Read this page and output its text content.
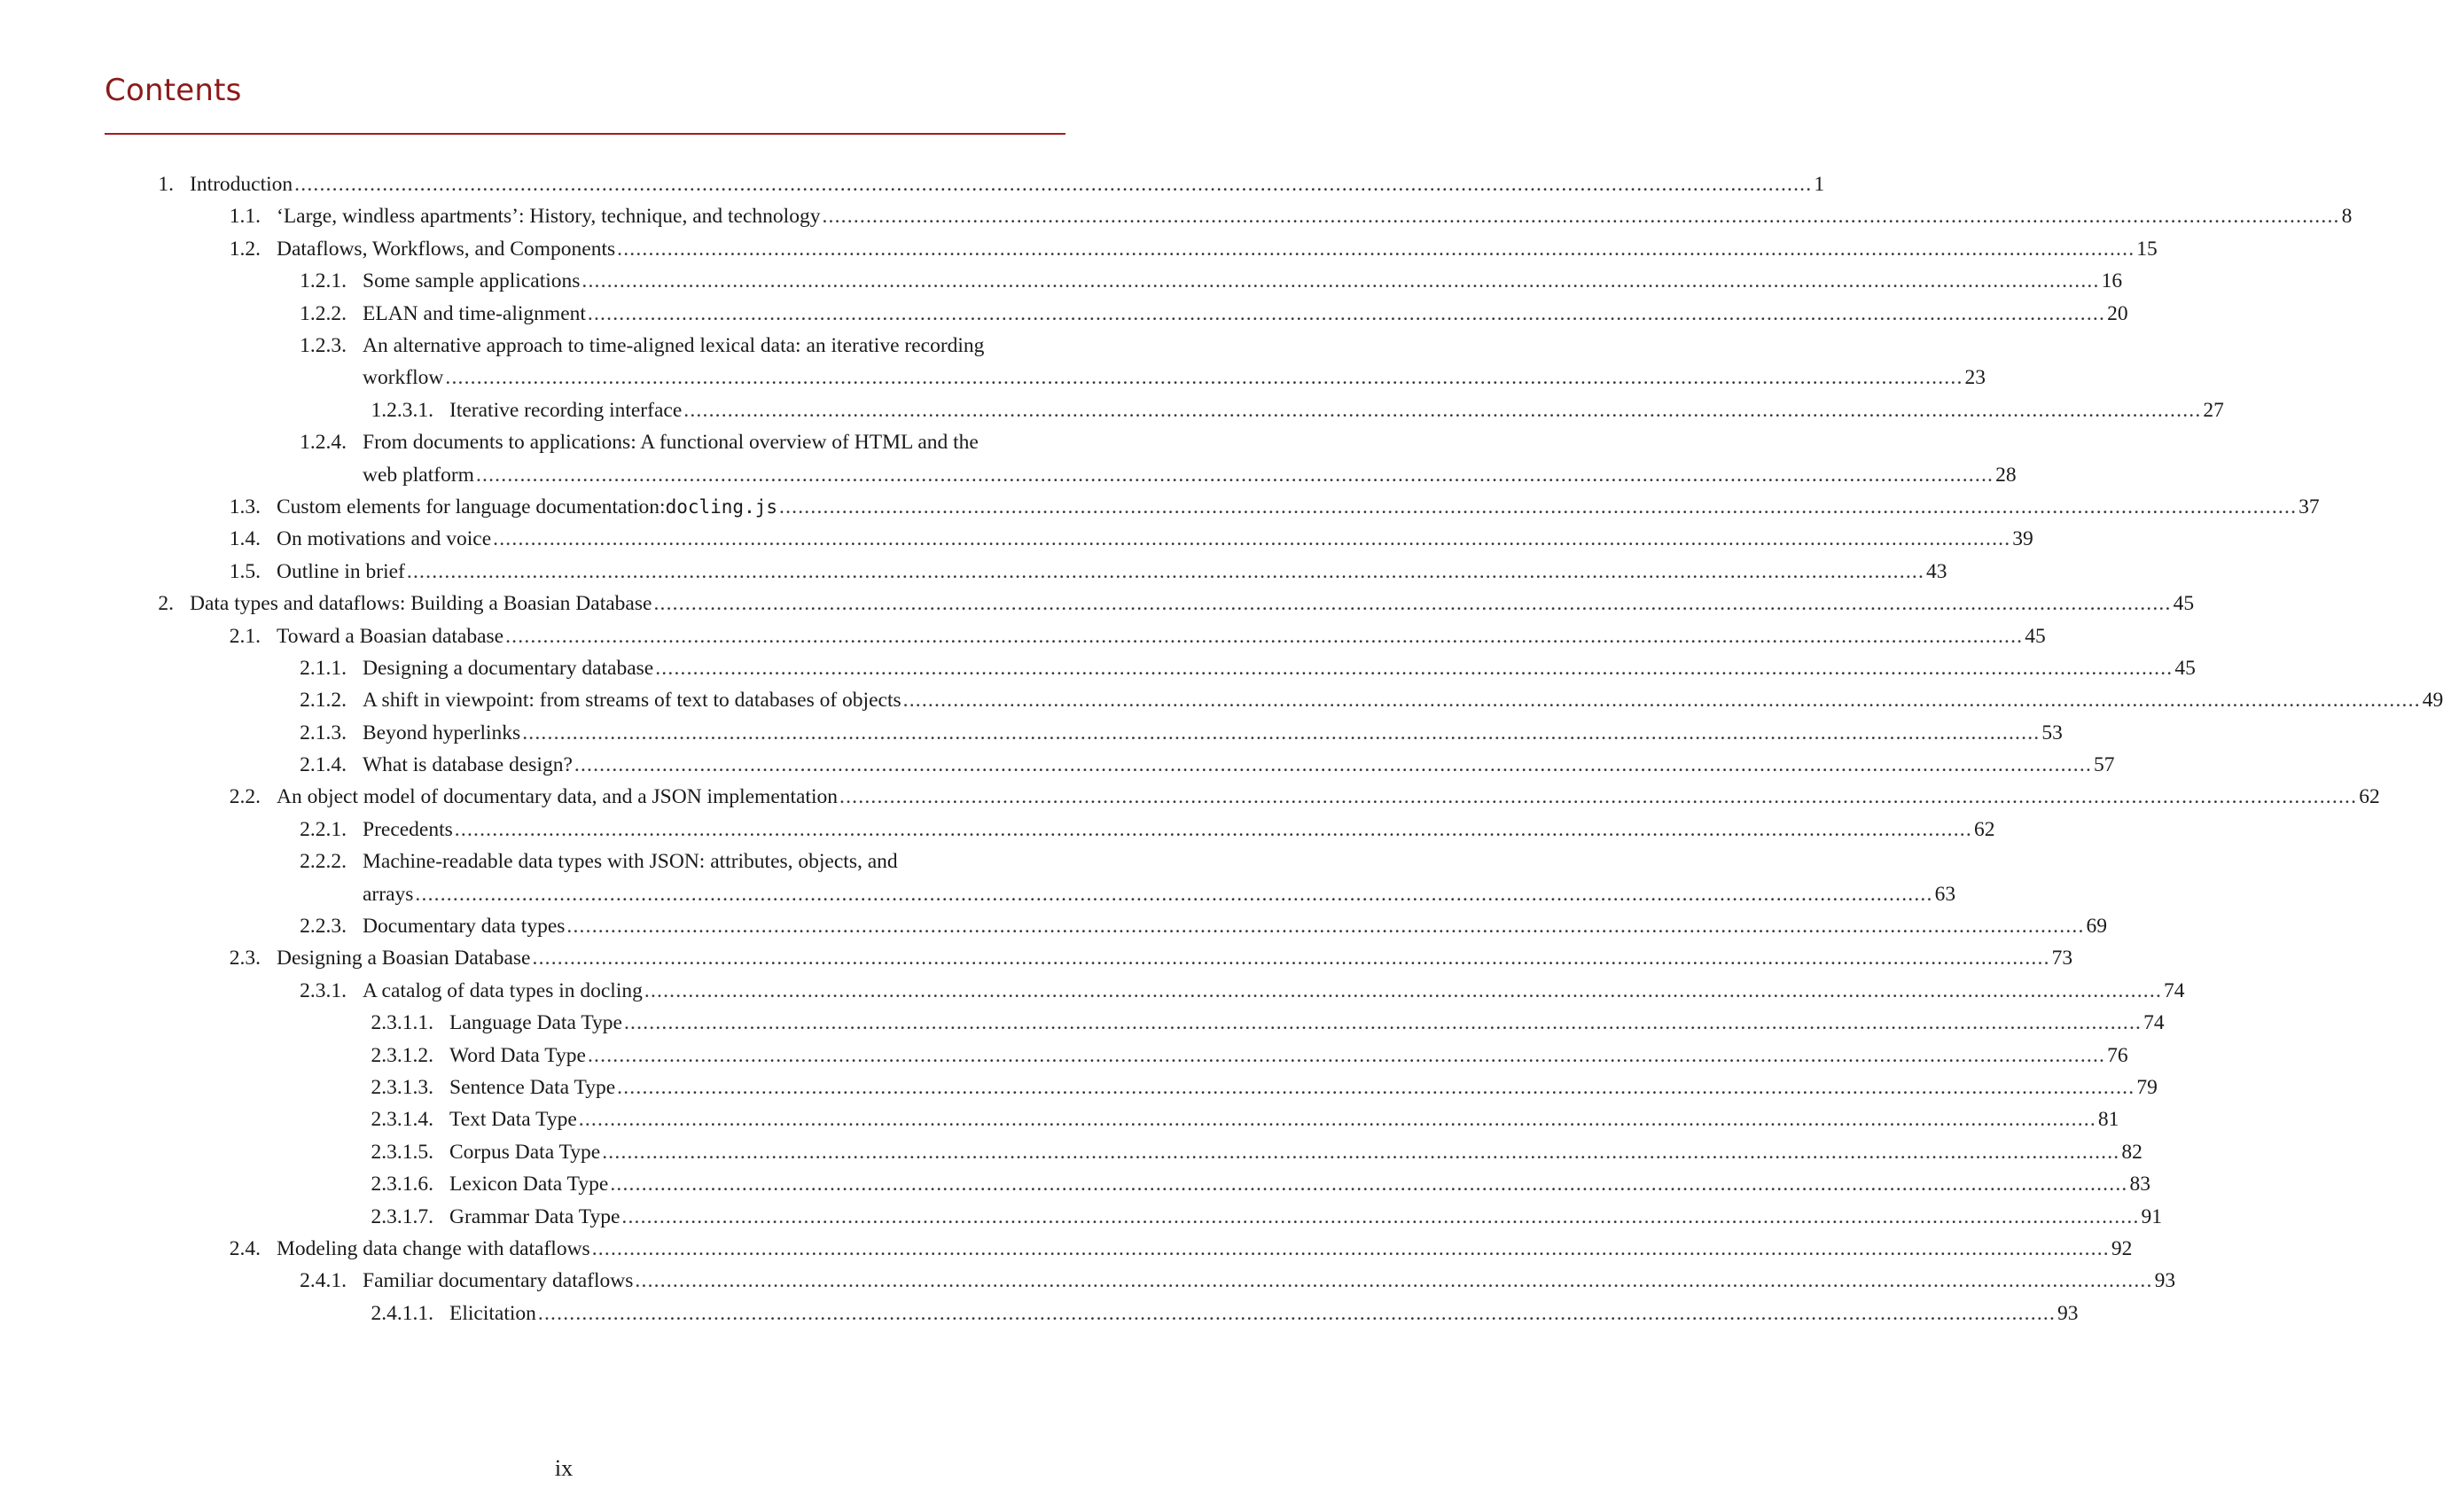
Contents
1. Introduction .....	1
1.1. ‘Large, windless apartments’: History, technique, and technology .....	8
1.2. Dataflows, Workflows, and Components .....	15
1.2.1. Some sample applications .....	16
1.2.2. ELAN and time-alignment .....	20
1.2.3. An alternative approach to time-aligned lexical data: an iterative recording
workflow .....	23
1.2.3.1. Iterative recording interface .....	27
1.2.4. From documents to applications: A functional overview of HTML and the
web platform .....	28
1.3. Custom elements for language documentation: docling.js .....	37
1.4. On motivations and voice .....	39
1.5. Outline in brief .....	43
2. Data types and dataflows: Building a Boasian Database .....	45
2.1. Toward a Boasian database .....	45
2.1.1. Designing a documentary database .....	45
2.1.2. A shift in viewpoint: from streams of text to databases of objects .....	49
2.1.3. Beyond hyperlinks .....	53
2.1.4. What is database design? .....	57
2.2. An object model of documentary data, and a JSON implementation .....	62
2.2.1. Precedents .....	62
2.2.2. Machine-readable data types with JSON: attributes, objects, and
arrays .....	63
2.2.3. Documentary data types .....	69
2.3. Designing a Boasian Database .....	73
2.3.1. A catalog of data types in docling .....	74
2.3.1.1. Language Data Type .....	74
2.3.1.2. Word Data Type .....	76
2.3.1.3. Sentence Data Type .....	79
2.3.1.4. Text Data Type .....	81
2.3.1.5. Corpus Data Type .....	82
2.3.1.6. Lexicon Data Type .....	83
2.3.1.7. Grammar Data Type .....	91
2.4. Modeling data change with dataflows .....	92
2.4.1. Familiar documentary dataflows .....	93
2.4.1.1. Elicitation .....	93
ix
